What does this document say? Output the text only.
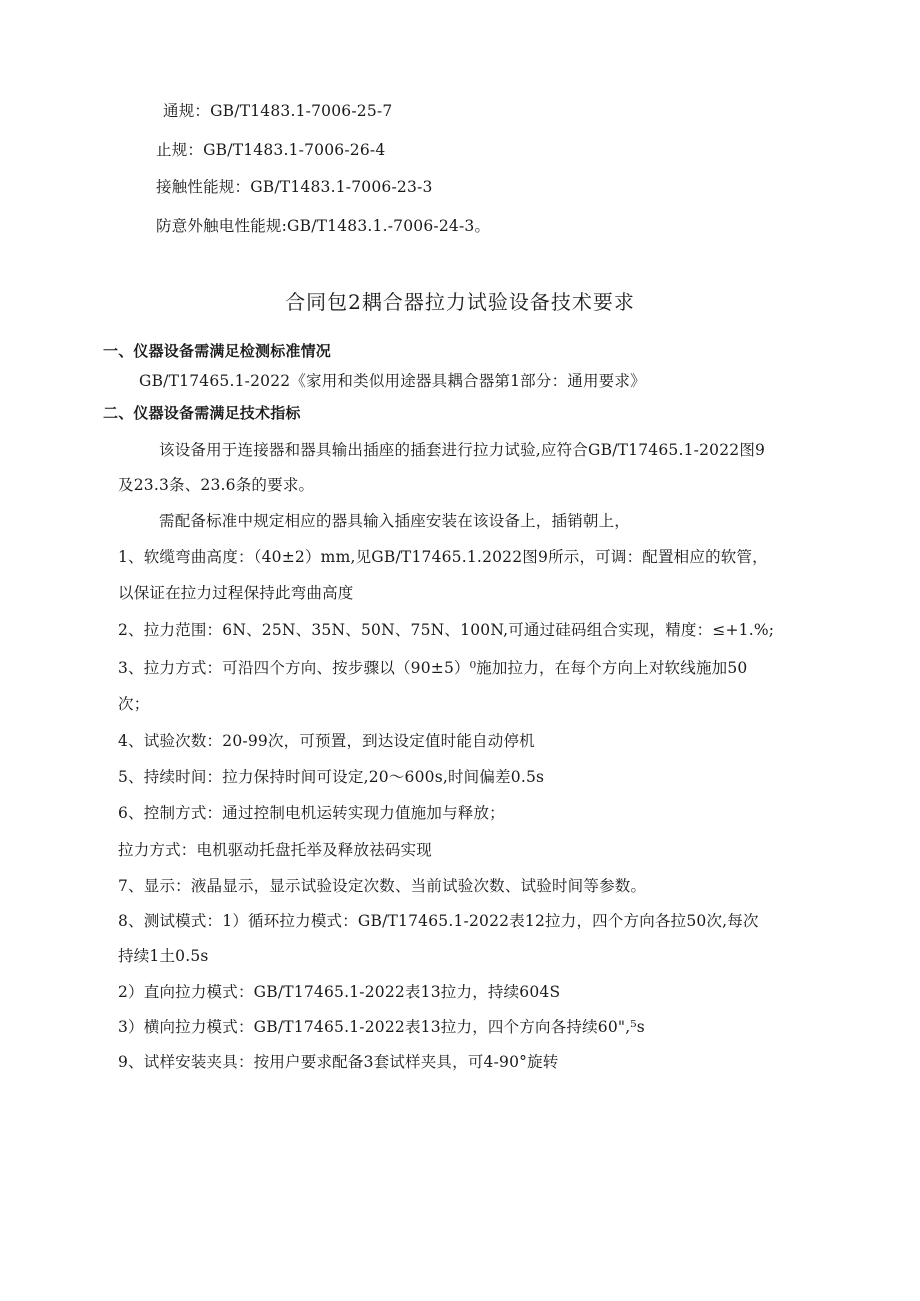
通规：GB/T1483.1-7006-25-7
止规：GB/T1483.1-7006-26-4
接触性能规：GB/T1483.1-7006-23-3
防意外触电性能规:GB/T1483.1.-7006-24-3。
合同包2耦合器拉力试验设备技术要求
一、仪器设备需满足检测标准情况
GB/T17465.1-2022《家用和类似用途器具耦合器第1部分：通用要求》
二、仪器设备需满足技术指标
该设备用于连接器和器具输出插座的插套进行拉力试验,应符合GB/T17465.1-2022图9
及23.3条、23.6条的要求。
需配备标准中规定相应的器具输入插座安装在该设备上，插销朝上，
1、软缆弯曲高度：（40±2）mm,见GB/T17465.1.2022图9所示，可调：配置相应的软管，
以保证在拉力过程保持此弯曲高度
2、拉力范围：6N、25N、35N、50N、75N、100N,可通过硅码组合实现，精度：≤+1.%;
3、拉力方式：可沿四个方向、按步骤以（90±5）⁰施加拉力，在每个方向上对软线施加50
次；
4、试验次数：20-99次，可预置，到达设定值时能自动停机
5、持续时间：拉力保持时间可设定,20～600s,时间偏差0.5s
6、控制方式：通过控制电机运转实现力值施加与释放；
拉力方式：电机驱动托盘托举及释放祛码实现
7、显示：液晶显示，显示试验设定次数、当前试验次数、试验时间等参数。
8、测试模式：1）循环拉力模式：GB/T17465.1-2022表12拉力，四个方向各拉50次,每次
持续1土0.5s
2）直向拉力模式：GB/T17465.1-2022表13拉力，持续604S
3）横向拉力模式：GB/T17465.1-2022表13拉力，四个方向各持续60",⁵s
9、试样安装夹具：按用户要求配备3套试样夹具，可4-90°旋转
